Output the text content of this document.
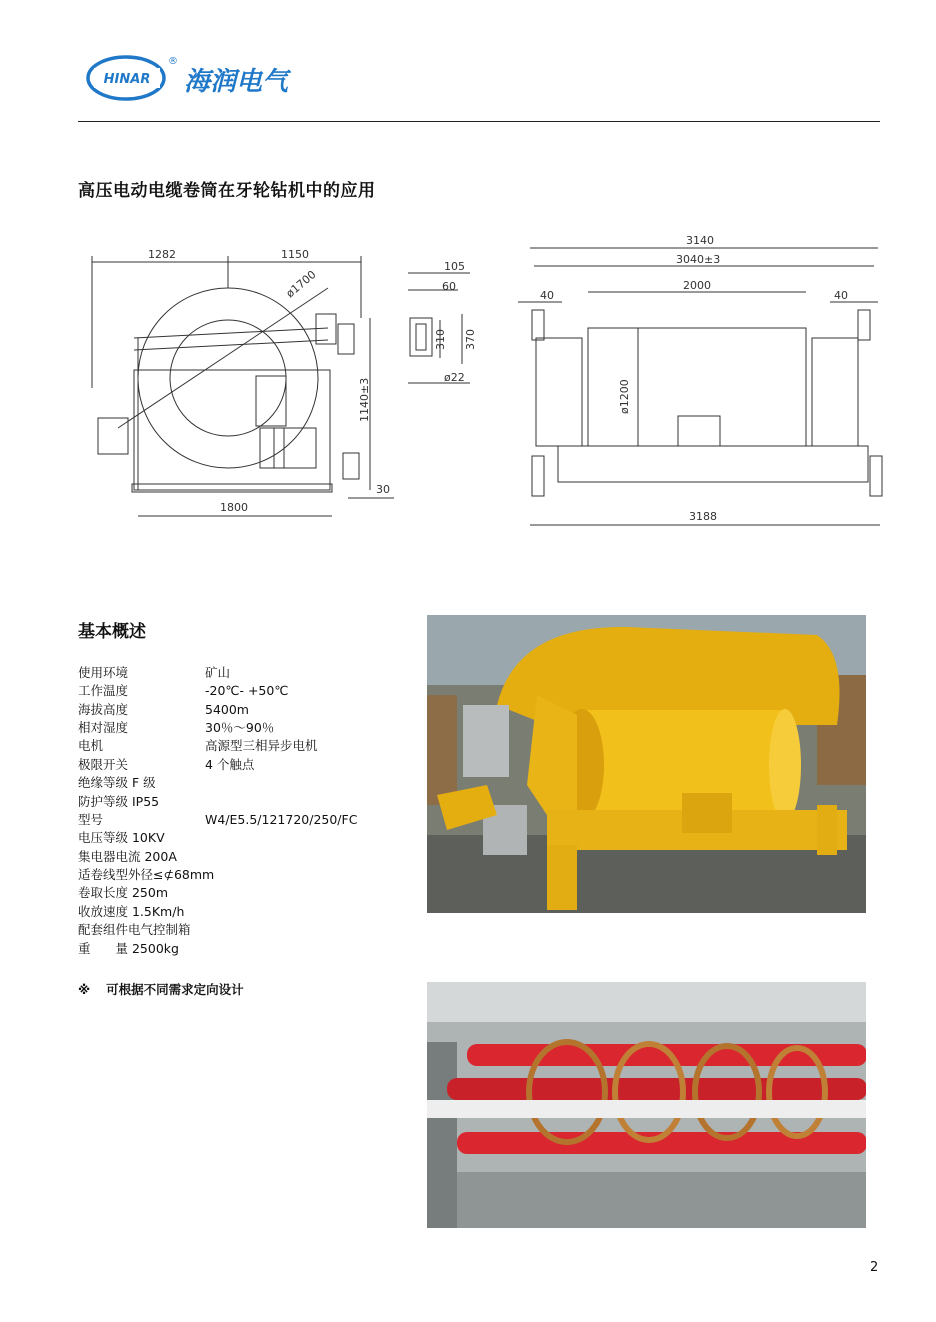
HINAR
®
海润电气
高压电动电缆卷筒在牙轮钻机中的应用
1282	1150
ø1700
1800
1140±3
30
105
60
310 370
ø22
3140
3040±3
2000
40	40
ø1200
3188
基本概述
使用环境	矿山
工作温度	-20℃- +50℃
海拔高度	5400m
相对湿度	30％～90％
电机	高源型三相异步电机
极限开关	4 个触点
绝缘等级 F 级
防护等级 IP55
型号	W4/E5.5/121720/250/FC
电压等级 10KV
集电器电流 200A
适卷线型外径≤⊄68mm
卷取长度 250m
收放速度 1.5Km/h
配套组件电气控制箱
重　　量 2500kg
※ 可根据不同需求定向设计
2
